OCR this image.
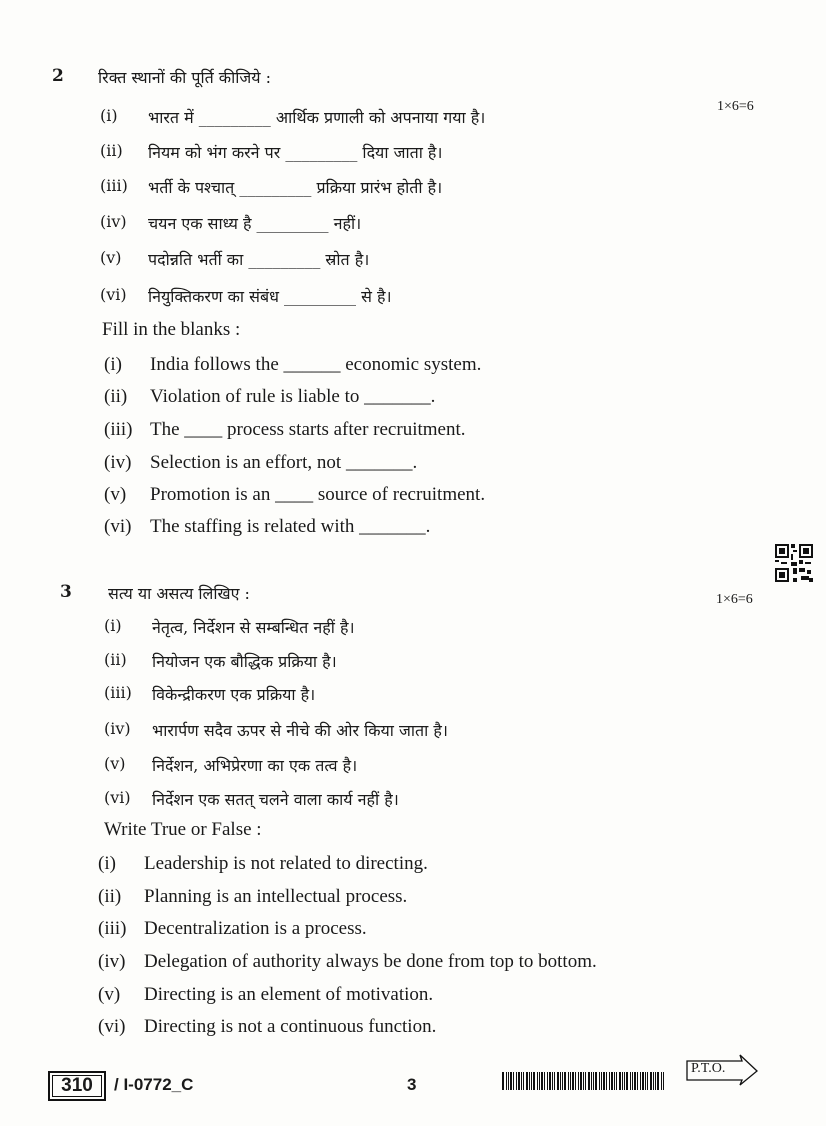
2 रिक्त स्थानों की पूर्ति कीजिये :
1×6=6
(i)	भारत में _________ आर्थिक प्रणाली को अपनाया गया है।
(ii)	नियम को भंग करने पर _________ दिया जाता है।
(iii)	भर्ती के पश्चात् _________ प्रक्रिया प्रारंभ होती है।
(iv)	चयन एक साध्य है _________ नहीं।
(v)	पदोन्नति भर्ती का _________ स्रोत है।
(vi)	नियुक्तिकरण का संबंध _________ से है।
Fill in the blanks :
(i)	India follows the ______ economic system.
(ii)	Violation of rule is liable to _______.
(iii) The ____ process starts after recruitment.
(iv) Selection is an effort, not _______.
(v)	Promotion is an ____ source of recruitment.
(vi) The staffing is related with _______.
3 सत्य या असत्य लिखिए :	1×6=6
(i)	नेतृत्व, निर्देशन से सम्बन्धित नहीं है।
(ii)	नियोजन एक बौद्धिक प्रक्रिया है।
(iii)	विकेन्द्रीकरण एक प्रक्रिया है।
(iv)	भारार्पण सदैव ऊपर से नीचे की ओर किया जाता है।
(v)	निर्देशन, अभिप्रेरणा का एक तत्व है।
(vi)	निर्देशन एक सतत् चलने वाला कार्य नहीं है।
Write True or False :
(i)	Leadership is not related to directing.
(ii)	Planning is an intellectual process.
(iii) Decentralization is a process.
(iv) Delegation of authority always be done from top to bottom.
(v)	Directing is an element of motivation.
(vi) Directing is not a continuous function.
310	/ I-0772_C	3
P.T.O.
